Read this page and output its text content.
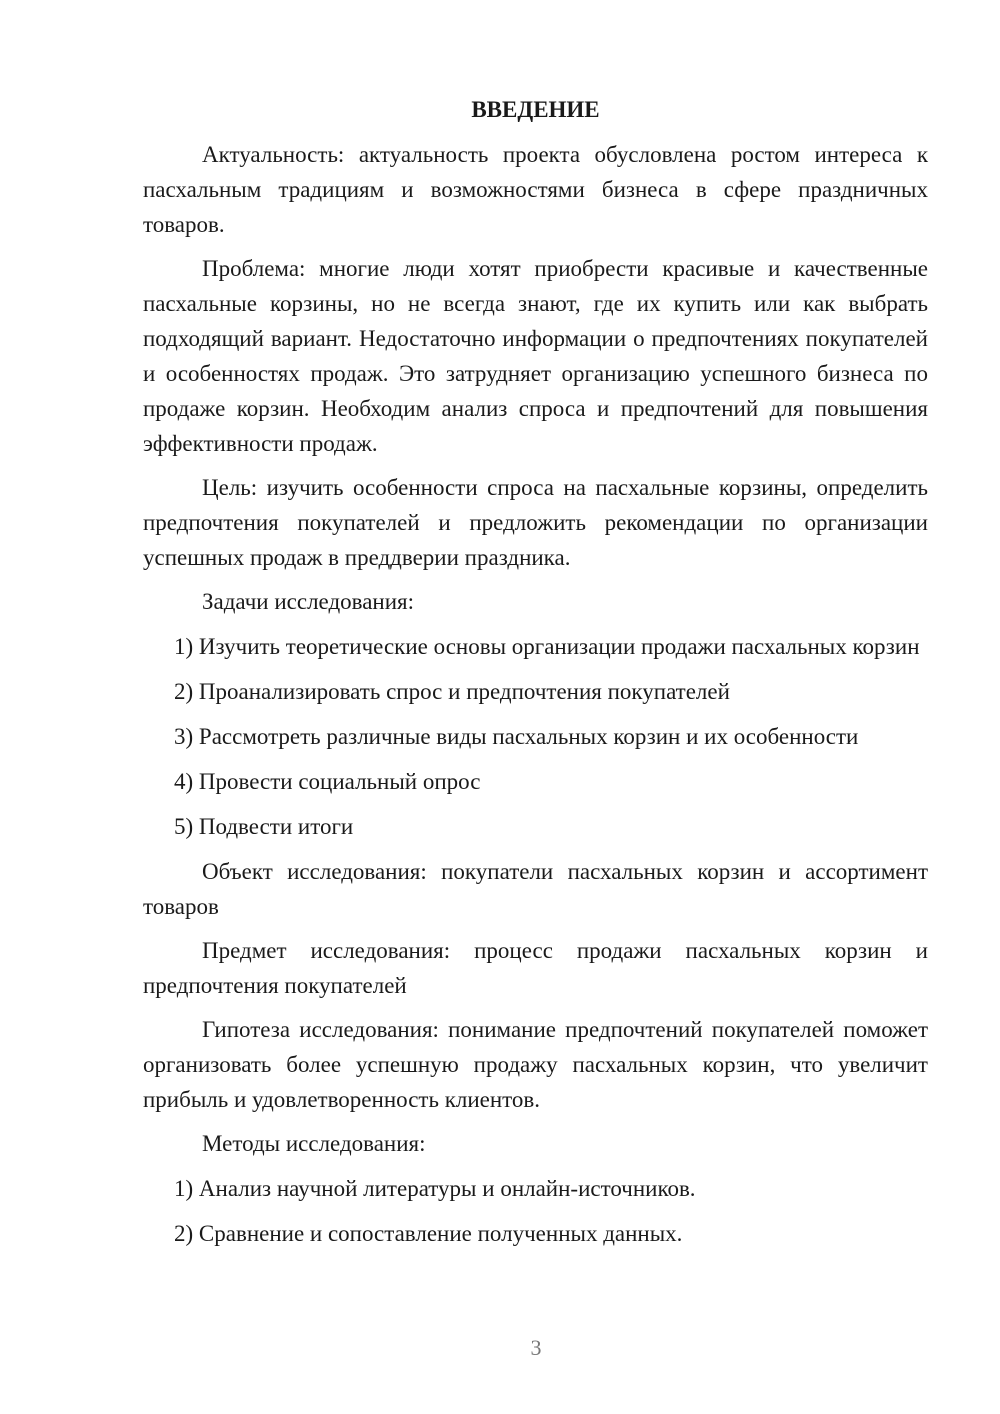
ВВЕДЕНИЕ

Актуальность: актуальность проекта обусловлена ростом интереса к пасхальным традициям и возможностями бизнеса в сфере праздничных товаров.

Проблема: многие люди хотят приобрести красивые и качественные пасхальные корзины, но не всегда знают, где их купить или как выбрать подходящий вариант. Недостаточно информации о предпочтениях покупателей и особенностях продаж. Это затрудняет организацию успешного бизнеса по продаже корзин. Необходим анализ спроса и предпочтений для повышения эффективности продаж.

Цель: изучить особенности спроса на пасхальные корзины, определить предпочтения покупателей и предложить рекомендации по организации успешных продаж в преддверии праздника.

Задачи исследования:

1) Изучить теоретические основы организации продажи пасхальных корзин

2) Проанализировать спрос и предпочтения покупателей

3) Рассмотреть различные виды пасхальных корзин и их особенности

4) Провести социальный опрос

5) Подвести итоги

Объект исследования: покупатели пасхальных корзин и ассортимент товаров

Предмет исследования: процесс продажи пасхальных корзин и предпочтения покупателей

Гипотеза исследования: понимание предпочтений покупателей поможет организовать более успешную продажу пасхальных корзин, что увеличит прибыль и удовлетворенность клиентов.

Методы исследования:

1) Анализ научной литературы и онлайн-источников.

2) Сравнение и сопоставление полученных данных.

3
